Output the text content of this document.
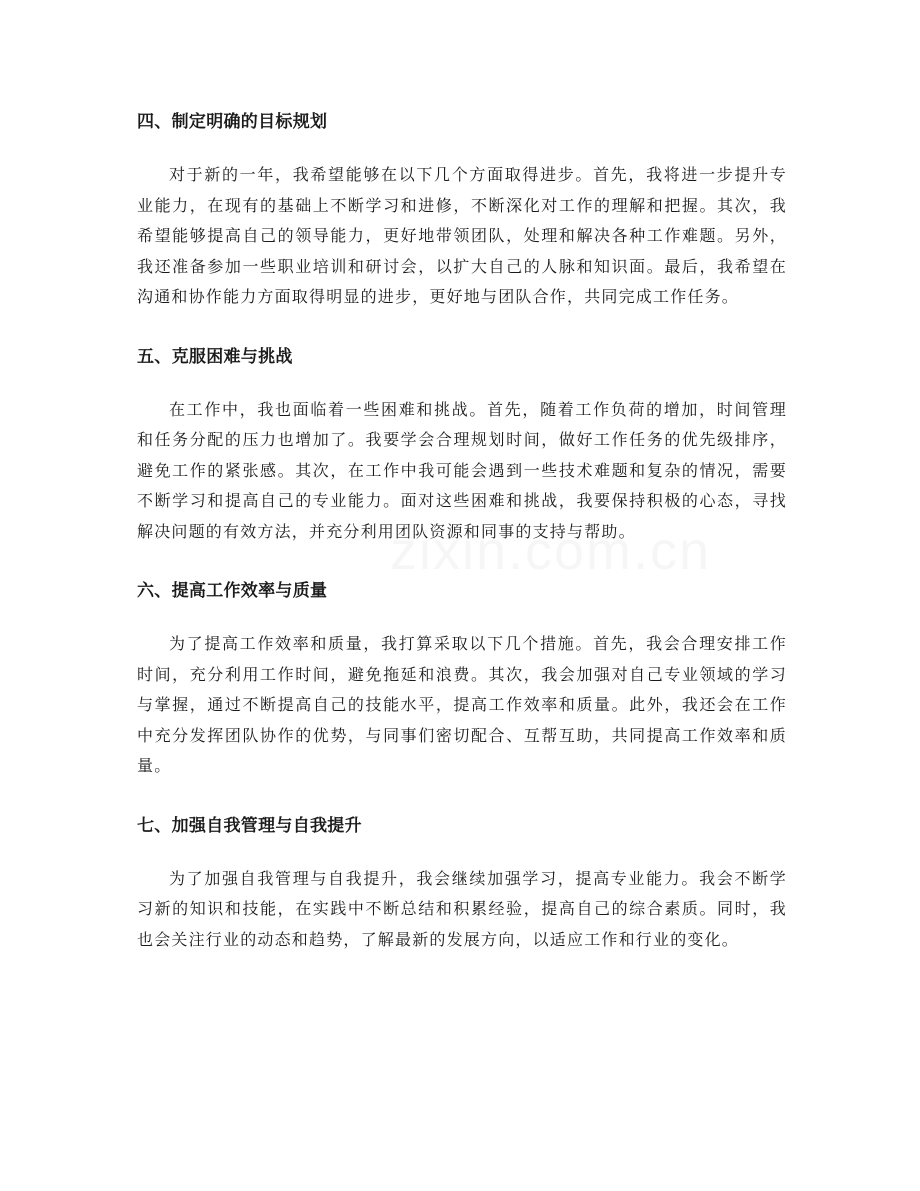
四、制定明确的目标规划

对于新的一年，我希望能够在以下几个方面取得进步。首先，我将进一步提升专业能力，在现有的基础上不断学习和进修，不断深化对工作的理解和把握。其次，我希望能够提高自己的领导能力，更好地带领团队，处理和解决各种工作难题。另外，我还准备参加一些职业培训和研讨会，以扩大自己的人脉和知识面。最后，我希望在沟通和协作能力方面取得明显的进步，更好地与团队合作，共同完成工作任务。

五、克服困难与挑战

在工作中，我也面临着一些困难和挑战。首先，随着工作负荷的增加，时间管理和任务分配的压力也增加了。我要学会合理规划时间，做好工作任务的优先级排序，避免工作的紧张感。其次，在工作中我可能会遇到一些技术难题和复杂的情况，需要不断学习和提高自己的专业能力。面对这些困难和挑战，我要保持积极的心态，寻找解决问题的有效方法，并充分利用团队资源和同事的支持与帮助。

六、提高工作效率与质量

为了提高工作效率和质量，我打算采取以下几个措施。首先，我会合理安排工作时间，充分利用工作时间，避免拖延和浪费。其次，我会加强对自己专业领域的学习与掌握，通过不断提高自己的技能水平，提高工作效率和质量。此外，我还会在工作中充分发挥团队协作的优势，与同事们密切配合、互帮互助，共同提高工作效率和质量。

七、加强自我管理与自我提升

为了加强自我管理与自我提升，我会继续加强学习，提高专业能力。我会不断学习新的知识和技能，在实践中不断总结和积累经验，提高自己的综合素质。同时，我也会关注行业的动态和趋势，了解最新的发展方向，以适应工作和行业的变化。
